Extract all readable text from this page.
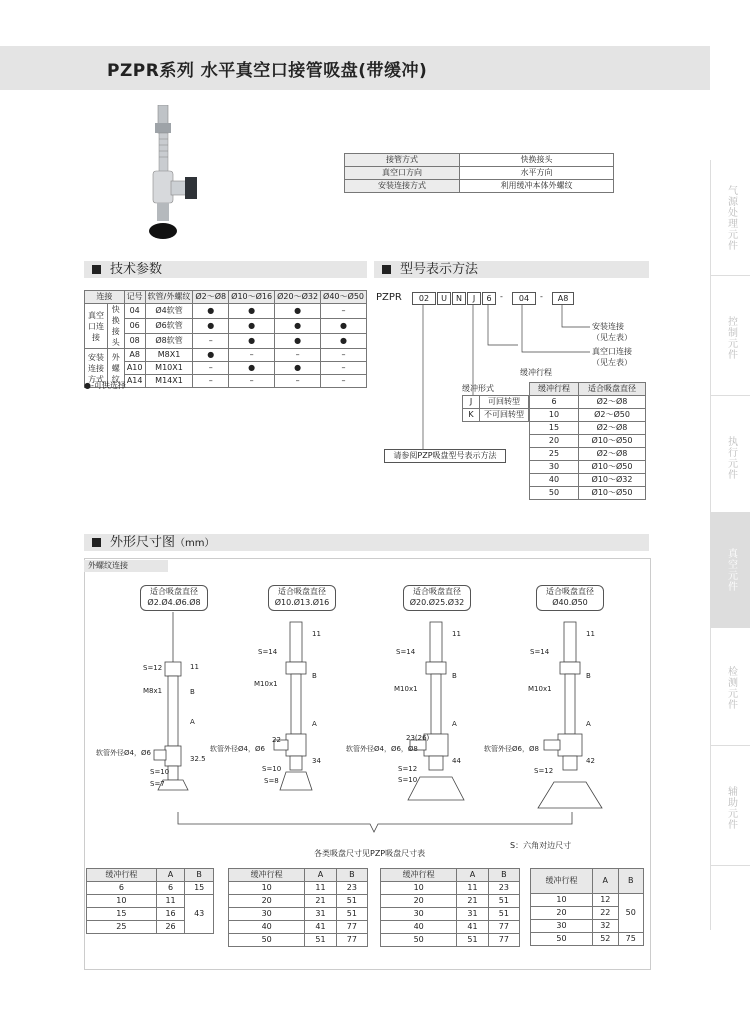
PZPR系列 水平真空口接管吸盘(带缓冲)
气源处理元件
控制元件
执行元件
真空元件
检测元件
辅助元件
接管方式	快换接头
真空口方向	水平方向
安装连接方式	利用缓冲本体外螺纹
技术参数	型号表示方法
外形尺寸图（mm）
连接		记号	软管/外螺纹	Ø2～Ø8	Ø10～Ø16	Ø20～Ø32	Ø40～Ø50
真空口连接	快换接头	04	Ø4软管	●	●	●	–
		06	Ø6软管	●	●	●	●
		08	Ø8软管	–	●	●	●
安装连接方式	外螺纹	A8	M8X1	●	–	–	–
		A10	M10X1	–	●	●	–
		A14	M14X1	–	–	–	–
●-可供选择
PZPR	02	U	N	J	6	-	04	-	A8
安装连接
（见左表）
真空口连接
（见左表）
缓冲行程
缓冲形式
J	可回转型
K	不可回转型
缓冲行程	适合吸盘直径
6	Ø2～Ø8
10	Ø2～Ø50
15	Ø2～Ø8
20	Ø10～Ø50
25	Ø2～Ø8
30	Ø10～Ø50
40	Ø10～Ø32
50	Ø10～Ø50
请参阅PZP吸盘型号表示方法
外螺纹连接
适合吸盘直径
Ø2.Ø4.Ø6.Ø8
适合吸盘直径
Ø10.Ø13.Ø16
适合吸盘直径
Ø20.Ø25.Ø32
适合吸盘直径
Ø40.Ø50
S=12
M8x1
软管外径Ø4，Ø6
S=10
S=7
11
B
A
32.5
S=14
M10x1
22
软管外径Ø4，Ø6
S=10
S=8
11
B
A
34
S=14
M10x1
23(26)
软管外径Ø4，Ø6，Ø8
S=12
S=10
11
B
A
44
S=14
M10x1
软管外径Ø6，Ø8
S=12
11
B
A
42
各类吸盘尺寸见PZP吸盘尺寸表
S：六角对边尺寸
缓冲行程	A	B
6	6	15
10	11	43
15	16	
25	26	
缓冲行程	A	B
10	11	23
20	21	51
30	31	51
40	41	77
50	51	77
缓冲行程	A	B
10	11	23
20	21	51
30	31	51
40	41	77
50	51	77
缓冲行程	A	B
10	12	50
20	22	
30	32	
50	52	75
